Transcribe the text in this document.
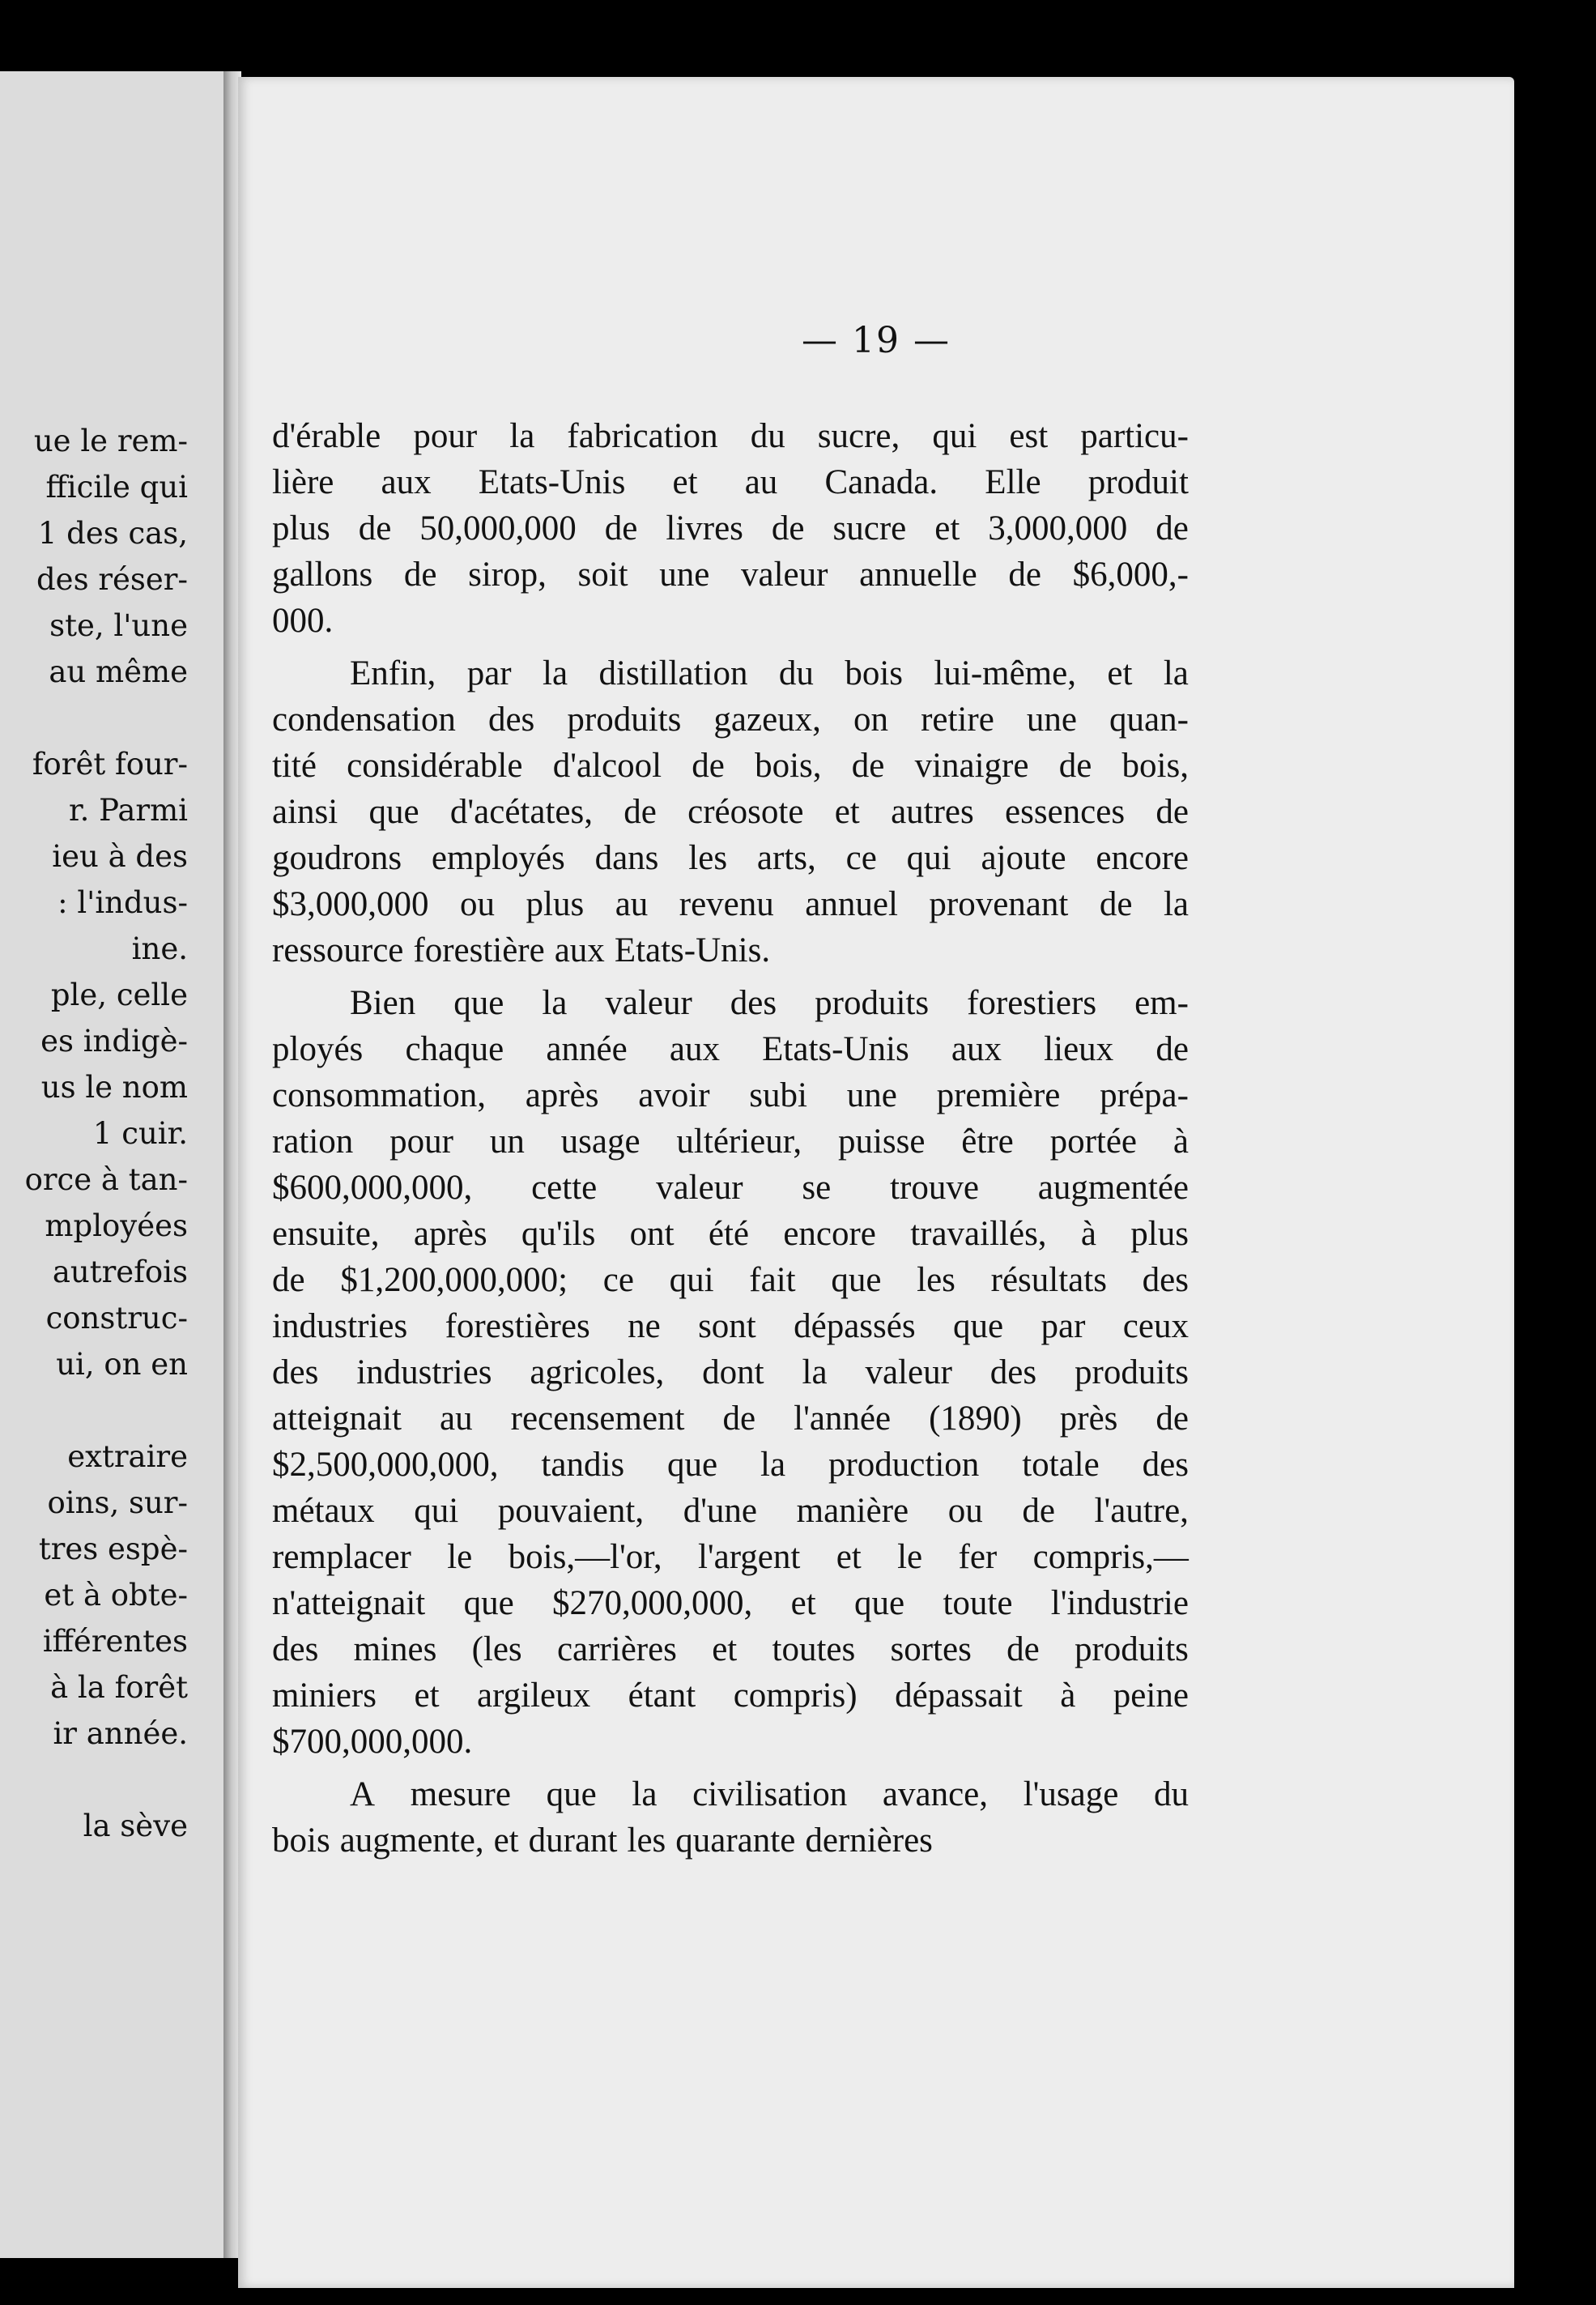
ue le rem-
fficile qui
1 des cas,
des réser-
ste, l'une
au même
forêt four-
r. Parmi
ieu à des
: l'indus-
ine.
ple, celle
es indigè-
us le nom
1 cuir.
orce à tan-
mployées
autrefois
construc-
ui, on en
extraire
oins, sur-
tres espè-
et à obte-
ifférentes
à la forêt
ir année.
la sève
— 19 —
d'érable pour la fabrication du sucre, qui est particu-
lière aux Etats-Unis et au Canada. Elle produit
plus de 50,000,000 de livres de sucre et 3,000,000 de
gallons de sirop, soit une valeur annuelle de $6,000,-
000.
Enfin, par la distillation du bois lui-même, et la
condensation des produits gazeux, on retire une quan-
tité considérable d'alcool de bois, de vinaigre de bois,
ainsi que d'acétates, de créosote et autres essences de
goudrons employés dans les arts, ce qui ajoute encore
$3,000,000 ou plus au revenu annuel provenant de la
ressource forestière aux Etats-Unis.
Bien que la valeur des produits forestiers em-
ployés chaque année aux Etats-Unis aux lieux de
consommation, après avoir subi une première prépa-
ration pour un usage ultérieur, puisse être portée à
$600,000,000, cette valeur se trouve augmentée
ensuite, après qu'ils ont été encore travaillés, à plus
de $1,200,000,000; ce qui fait que les résultats des
industries forestières ne sont dépassés que par ceux
des industries agricoles, dont la valeur des produits
atteignait au recensement de l'année (1890) près de
$2,500,000,000, tandis que la production totale des
métaux qui pouvaient, d'une manière ou de l'autre,
remplacer le bois,—l'or, l'argent et le fer compris,—
n'atteignait que $270,000,000, et que toute l'industrie
des mines (les carrières et toutes sortes de produits
miniers et argileux étant compris) dépassait à peine
$700,000,000.
A mesure que la civilisation avance, l'usage du
bois augmente, et durant les quarante dernières
